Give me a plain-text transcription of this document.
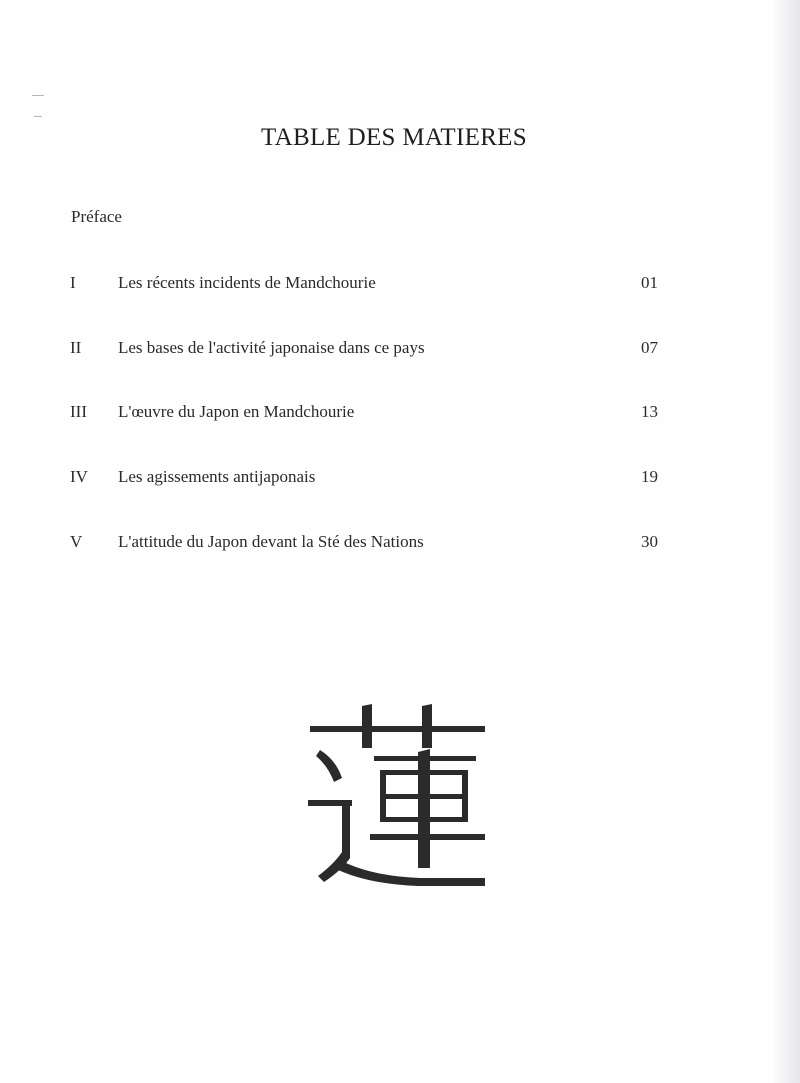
TABLE DES MATIERES
Préface
I Les récents incidents de Mandchourie	01
II Les bases de l'activité japonaise dans ce pays	07
III L'œuvre du Japon en Mandchourie	13
IV Les agissements antijaponais	19
V L'attitude du Japon devant la Sté des Nations	30
